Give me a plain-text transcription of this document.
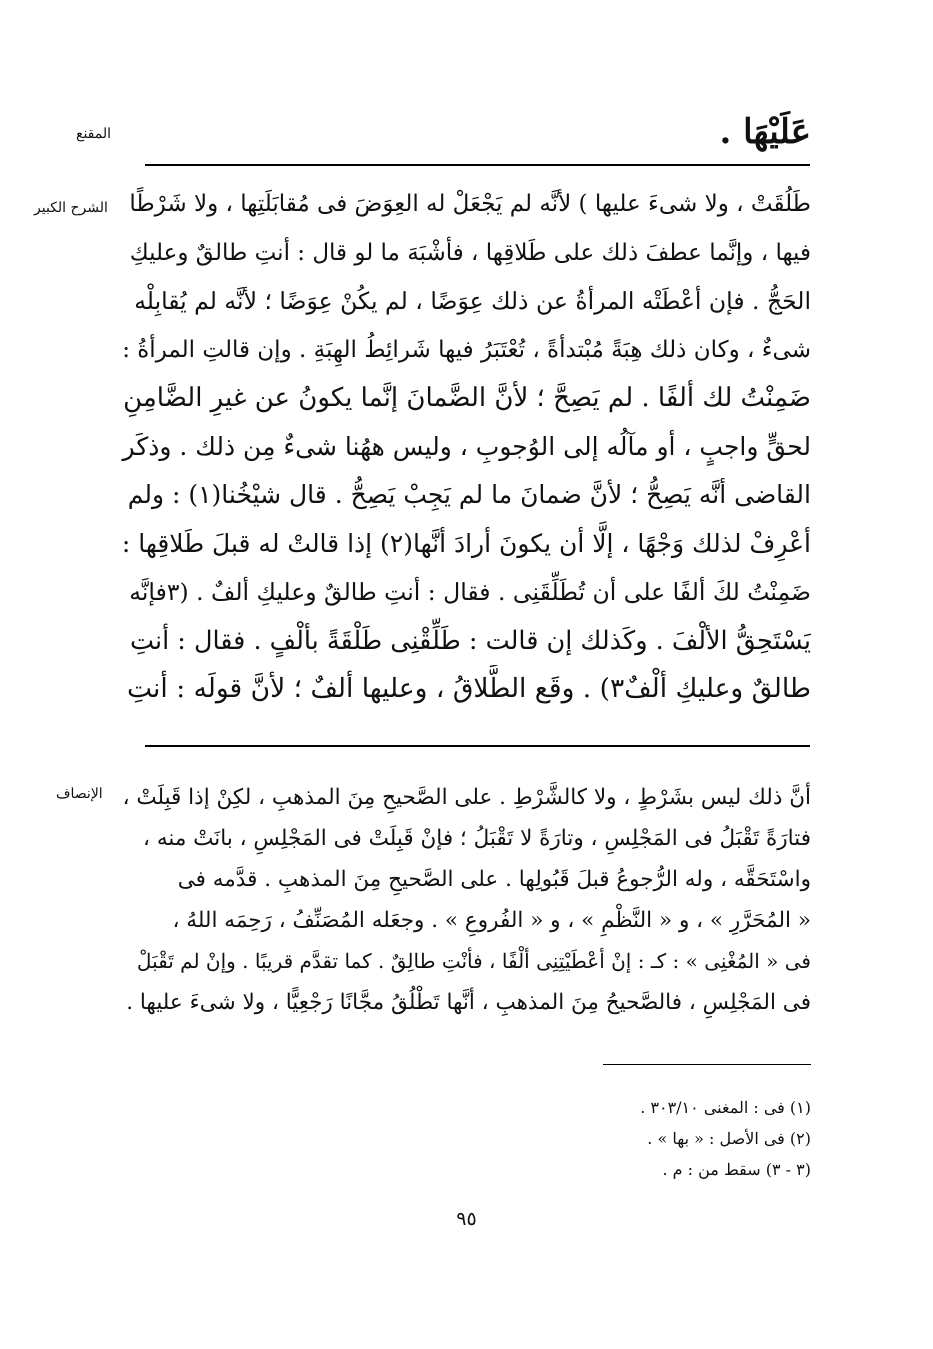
عَلَيْهَا .
المقنع
الشرح الكبير طَلُقَتْ ، ولا شىءَ عليها ) لأنَّه لم يَجْعَلْ له العِوَضَ فى مُقابَلَتِها ، ولا شَرْطًا
فيها ، وإنَّما عطفَ ذلك على طَلاقِها ، فأشْبَهَ ما لو قال : أنتِ طالقٌ وعليكِ
الحَجُّ . فإن أعْطَتْه المرأةُ عن ذلك عِوَضًا ، لم يكُنْ عِوَضًا ؛ لأنَّه لم يُقابِلْه
شىءٌ ، وكان ذلك هِبَةً مُبْتدأةً ، تُعْتَبَرُ فيها شَرائِطُ الهِبَةِ . وإن قالتِ المرأةُ :
ضَمِنْتُ لك ألفًا . لم يَصِحَّ ؛ لأنَّ الضَّمانَ إنَّما يكونُ عن غيرِ الضَّامِنِ
لحقٍّ واجبٍ ، أو مآلُه إلى الوُجوبِ ، وليس ههُنا شىءٌ مِن ذلك . وذكَر
القاضى أنَّه يَصِحُّ ؛ لأنَّ ضمانَ ما لم يَجِبْ يَصِحُّ . قال شيْخُنا(١) : ولم
أعْرِفْ لذلك وَجْهًا ، إلَّا أن يكونَ أرادَ أنَّها(٢) إذا قالتْ له قبلَ طَلاقِها :
ضَمِنْتُ لكَ ألفًا على أن تُطَلِّقَنِى . فقال : أنتِ طالقٌ وعليكِ ألفٌ . (٣فإنَّه
يَسْتَحِقُّ الألْفَ . وكَذلك إن قالت : طَلِّقْنِى طَلْقَةً بألْفٍ . فقال : أنتِ
طالقٌ وعليكِ ألْفٌ٣) . وقَع الطَّلاقُ ، وعليها ألفٌ ؛ لأنَّ قولَه : أنتِ
الإنصاف أنَّ ذلك ليس بشَرْطٍ ، ولا كالشَّرْطِ . على الصَّحيحِ مِنَ المذهبِ ، لكِنْ إذا قَبِلَتْ ،
فتارَةً تَقْبَلُ فى المَجْلِسِ ، وتارَةً لا تَقْبَلُ ؛ فإنْ قَبِلَتْ فى المَجْلِسِ ، بانَتْ منه ،
واسْتَحَقَّه ، وله الرُّجوعُ قبلَ قَبُولِها . على الصَّحيحِ مِنَ المذهبِ . قدَّمه فى
« المُحَرَّرِ » ، و « النَّظْمِ » ، و « الفُروعِ » . وجعَله المُصَنِّفُ ، رَحِمَه اللهُ ،
فى « المُغْنِى » : كـ : إنْ أعْطَيْتِنِى ألْفًا ، فأنْتِ طالِقٌ . كما تقدَّم قريبًا . وإنْ لم تَقْبَلْ
فى المَجْلِسِ ، فالصَّحيحُ مِنَ المذهبِ ، أنَّها تَطْلُقُ مجَّانًا رَجْعِيًّا ، ولا شىءَ عليها .
(١) فى : المغنى ٣٠٣/١٠ .
(٢) فى الأصل : « بها » .
(٣ - ٣) سقط من : م .
٩٥
